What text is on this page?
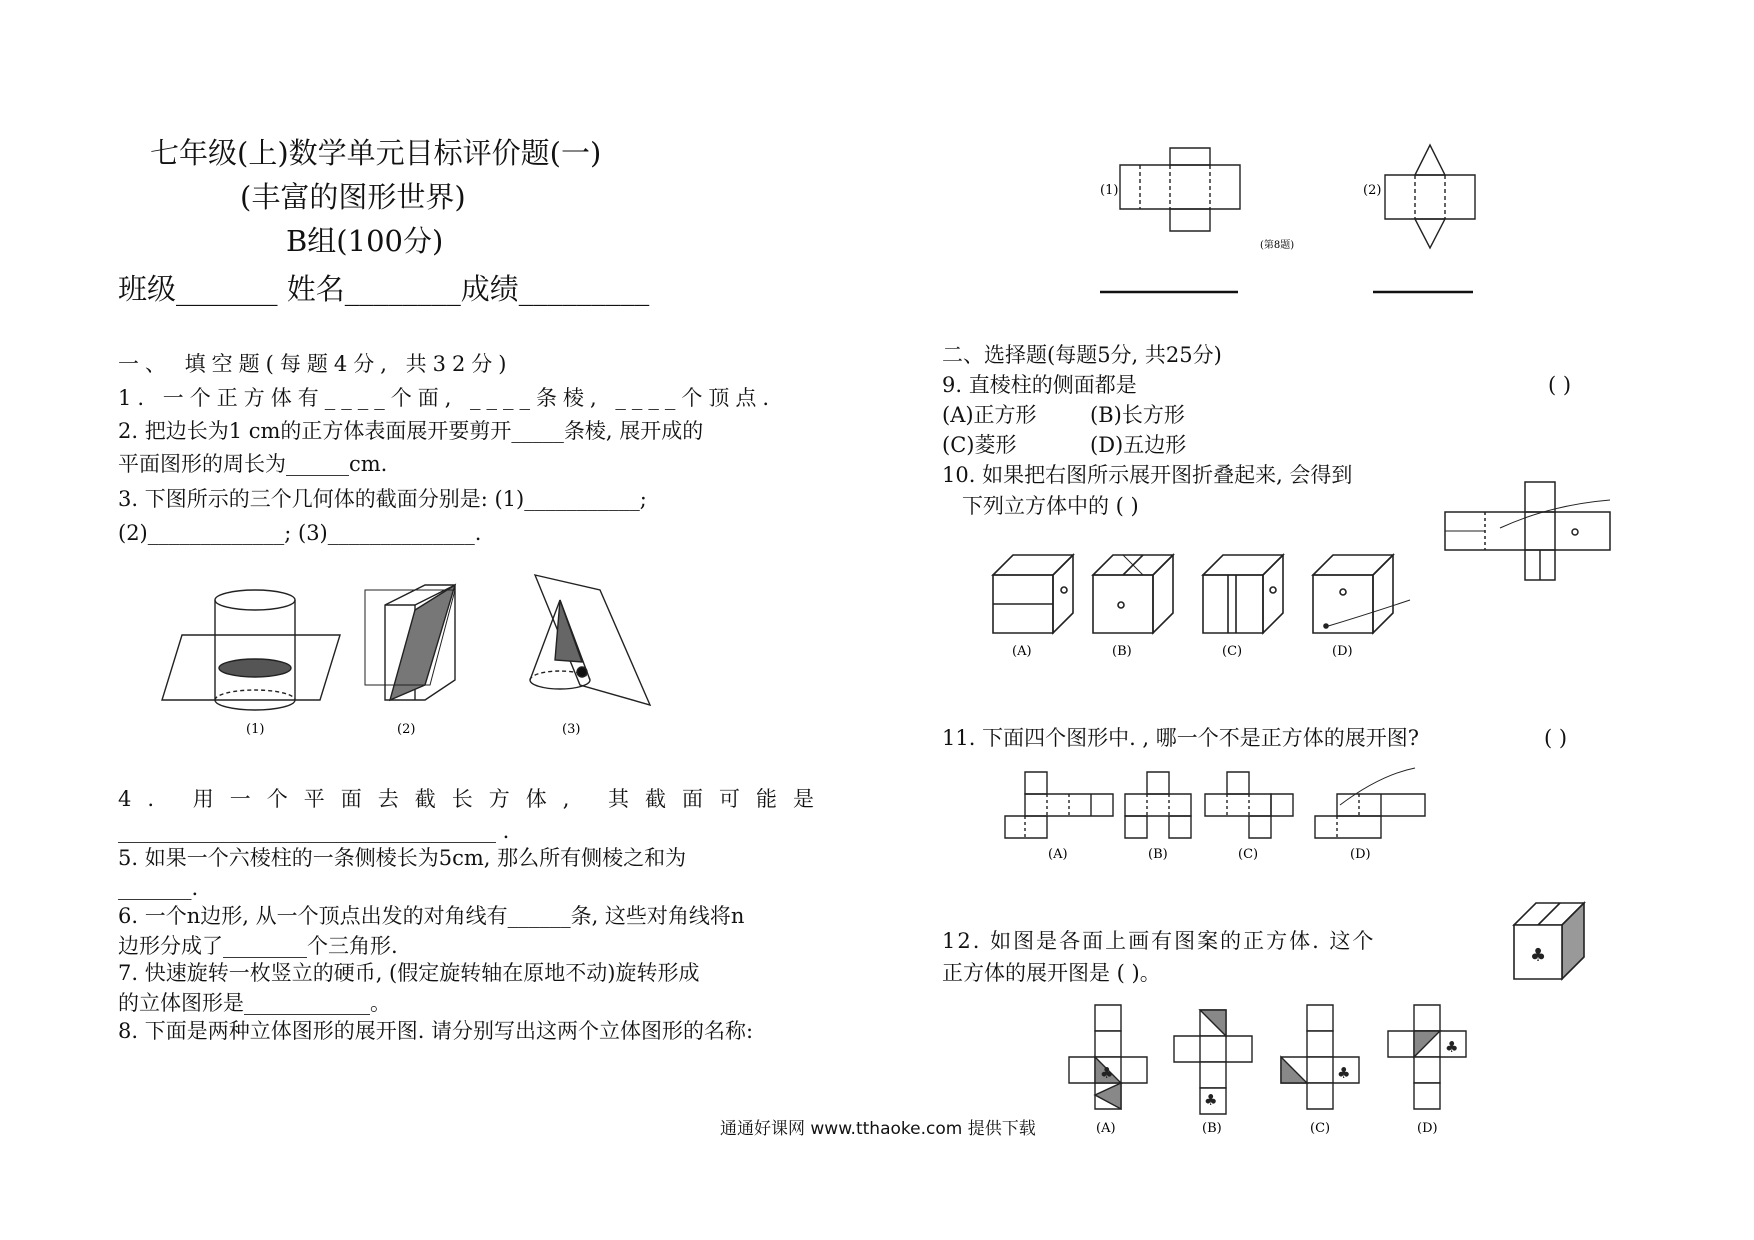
七年级(上)数学单元目标评价题(一)
(丰富的图形世界)
B组(100分)
班级_______ 姓名________成绩_________
一、 填空题(每题4分, 共32分)
1. 一个正方体有____个面, ____条棱, ____个顶点.
2. 把边长为1 cm的正方体表面展开要剪开_____条棱, 展开成的
平面图形的周长为______cm.
3. 下图所示的三个几何体的截面分别是: (1)___________;
(2)_____________; (3)______________.
(1)	(2)	(3)
4. 用一个平面去截长方体, 其截面可能是
____________________________________ .
5. 如果一个六棱柱的一条侧棱长为5cm, 那么所有侧棱之和为
_______.
6. 一个n边形, 从一个顶点出发的对角线有______条, 这些对角线将n
边形分成了________个三角形.
7. 快速旋转一枚竖立的硬币, (假定旋转轴在原地不动)旋转形成
的立体图形是____________。
8. 下面是两种立体图形的展开图. 请分别写出这两个立体图形的名称:
(1)	(2)
(第8题)
二、选择题(每题5分, 共25分)
9. 直棱柱的侧面都是	( )
(A)正方形	(B)长方形
(C)菱形	(D)五边形
10. 如果把右图所示展开图折叠起来, 会得到
下列立方体中的 ( )
(A)	(B)	(C)	(D)
11. 下面四个图形中. , 哪一个不是正方体的展开图?	( )
(A)	(B)	(C)	(D)
12. 如图是各面上画有图案的正方体. 这个
正方体的展开图是 ( )。
♣
♣
♣
♣
♣
(A)	(B)	(C)	(D)
通通好课网 www.tthaoke.com 提供下载
